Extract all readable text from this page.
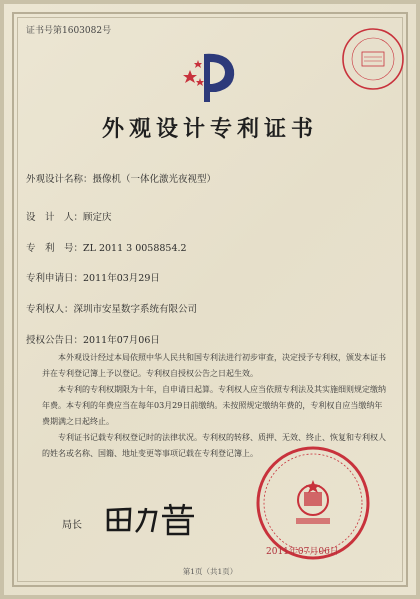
证书号第1603082号
外观设计专利证书
外观设计名称：摄像机（一体化激光夜视型）
设　计　人：顾定庆
专　利　号：ZL 2011 3 0058854.2
专利申请日：2011年03月29日
专利权人：深圳市安星数字系统有限公司
授权公告日：2011年07月06日

本外观设计经过本局依照中华人民共和国专利法进行初步审查，决定授予专利权，颁发本证书并在专利登记簿上予以登记。专利权自授权公告之日起生效。

本专利的专利权期限为十年，自申请日起算。专利权人应当依照专利法及其实施细则规定缴纳年费。本专利的年费应当在每年03月29日前缴纳。未按照规定缴纳年费的，专利权自应当缴纳年费期满之日起终止。

专利证书记载专利权登记时的法律状况。专利权的转移、质押、无效、终止、恢复和专利权人的姓名或名称、国籍、地址变更等事项记载在专利登记簿上。

局长
2011年07月06日
第1页（共1页）
